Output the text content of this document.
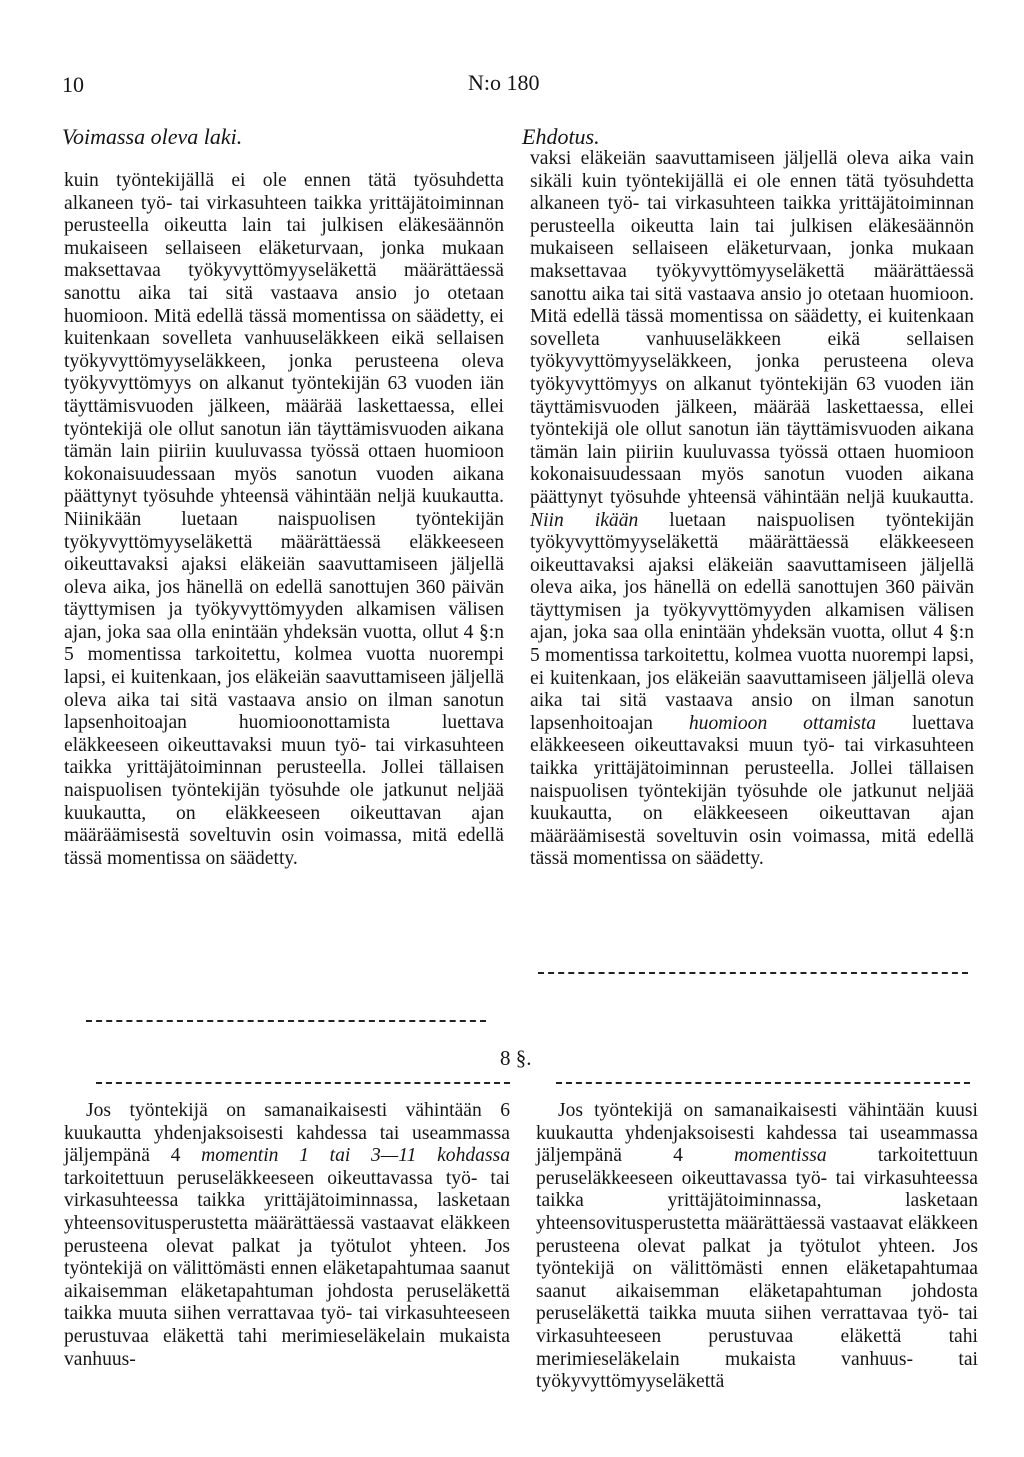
10	N:o 180
Voimassa oleva laki.	Ehdotus.

kuin työntekijällä ei ole ennen tätä työsuhdetta alkaneen työ- tai virkasuhteen taikka yrittäjätoiminnan perusteella oikeutta lain tai julkisen eläkesäännön mukaiseen sellaiseen eläketurvaan, jonka mukaan maksettavaa työkyvyttömyyseläkettä määrättäessä sanottu aika tai sitä vastaava ansio jo otetaan huomioon. Mitä edellä tässä momentissa on säädetty, ei kuitenkaan sovelleta vanhuuseläkkeen eikä sellaisen työkyvyttömyyseläkkeen, jonka perusteena oleva työkyvyttömyys on alkanut työntekijän 63 vuoden iän täyttämisvuoden jälkeen, määrää laskettaessa, ellei työntekijä ole ollut sanotun iän täyttämisvuoden aikana tämän lain piiriin kuuluvassa työssä ottaen huomioon kokonaisuudessaan myös sanotun vuoden aikana päättynyt työsuhde yhteensä vähintään neljä kuukautta. Niinikään luetaan naispuolisen työntekijän työkyvyttömyyseläkettä määrättäessä eläkkeeseen oikeuttavaksi ajaksi eläkeiän saavuttamiseen jäljellä oleva aika, jos hänellä on edellä sanottujen 360 päivän täyttymisen ja työkyvyttömyyden alkamisen välisen ajan, joka saa olla enintään yhdeksän vuotta, ollut 4 §:n 5 momentissa tarkoitettu, kolmea vuotta nuorempi lapsi, ei kuitenkaan, jos eläkeiän saavuttamiseen jäljellä oleva aika tai sitä vastaava ansio on ilman sanotun lapsenhoitoajan huomioonottamista luettava eläkkeeseen oikeuttavaksi muun työ- tai virkasuhteen taikka yrittäjätoiminnan perusteella. Jollei tällaisen naispuolisen työntekijän työsuhde ole jatkunut neljää kuukautta, on eläkkeeseen oikeuttavan ajan määräämisestä soveltuvin osin voimassa, mitä edellä tässä momentissa on säädetty.

vaksi eläkeiän saavuttamiseen jäljellä oleva aika vain sikäli kuin työntekijällä ei ole ennen tätä työsuhdetta alkaneen työ- tai virkasuhteen taikka yrittäjätoiminnan perusteella oikeutta lain tai julkisen eläkesäännön mukaiseen sellaiseen eläketurvaan, jonka mukaan maksettavaa työkyvyttömyyseläkettä määrättäessä sanottu aika tai sitä vastaava ansio jo otetaan huomioon. Mitä edellä tässä momentissa on säädetty, ei kuitenkaan sovelleta vanhuuseläkkeen eikä sellaisen työkyvyttömyyseläkkeen, jonka perusteena oleva työkyvyttömyys on alkanut työntekijän 63 vuoden iän täyttämisvuoden jälkeen, määrää laskettaessa, ellei työntekijä ole ollut sanotun iän täyttämisvuoden aikana tämän lain piiriin kuuluvassa työssä ottaen huomioon kokonaisuudessaan myös sanotun vuoden aikana päättynyt työsuhde yhteensä vähintään neljä kuukautta. Niin ikään luetaan naispuolisen työntekijän työkyvyttömyyseläkettä määrättäessä eläkkeeseen oikeuttavaksi ajaksi eläkeiän saavuttamiseen jäljellä oleva aika, jos hänellä on edellä sanottujen 360 päivän täyttymisen ja työkyvyttömyyden alkamisen välisen ajan, joka saa olla enintään yhdeksän vuotta, ollut 4 §:n 5 momentissa tarkoitettu, kolmea vuotta nuorempi lapsi, ei kuitenkaan, jos eläkeiän saavuttamiseen jäljellä oleva aika tai sitä vastaava ansio on ilman sanotun lapsenhoitoajan huomioon ottamista luettava eläkkeeseen oikeuttavaksi muun työ- tai virkasuhteen taikka yrittäjätoiminnan perusteella. Jollei tällaisen naispuolisen työntekijän työsuhde ole jatkunut neljää kuukautta, on eläkkeeseen oikeuttavan ajan määräämisestä soveltuvin osin voimassa, mitä edellä tässä momentissa on säädetty.

8 §.

Jos työntekijä on samanaikaisesti vähintään 6 kuukautta yhdenjaksoisesti kahdessa tai useammassa jäljempänä 4 momentin 1 tai 3—11 kohdassa tarkoitettuun peruseläkkeeseen oikeuttavassa työ- tai virkasuhteessa taikka yrittäjätoiminnassa, lasketaan yhteensovitusperustetta määrättäessä vastaavat eläkkeen perusteena olevat palkat ja työtulot yhteen. Jos työntekijä on välittömästi ennen eläketapahtumaa saanut aikaisemman eläketapahtuman johdosta peruseläkettä taikka muuta siihen verrattavaa työ- tai virkasuhteeseen perustuvaa eläkettä tahi merimieseläkelain mukaista vanhuus-

Jos työntekijä on samanaikaisesti vähintään kuusi kuukautta yhdenjaksoisesti kahdessa tai useammassa jäljempänä 4 momentissa tarkoitettuun peruseläkkeeseen oikeuttavassa työ- tai virkasuhteessa taikka yrittäjätoiminnassa, lasketaan yhteensovitusperustetta määrättäessä vastaavat eläkkeen perusteena olevat palkat ja työtulot yhteen. Jos työntekijä on välittömästi ennen eläketapahtumaa saanut aikaisemman eläketapahtuman johdosta peruseläkettä taikka muuta siihen verrattavaa työ- tai virkasuhteeseen perustuvaa eläkettä tahi merimieseläkelain mukaista vanhuus- tai työkyvyttömyyseläkettä
